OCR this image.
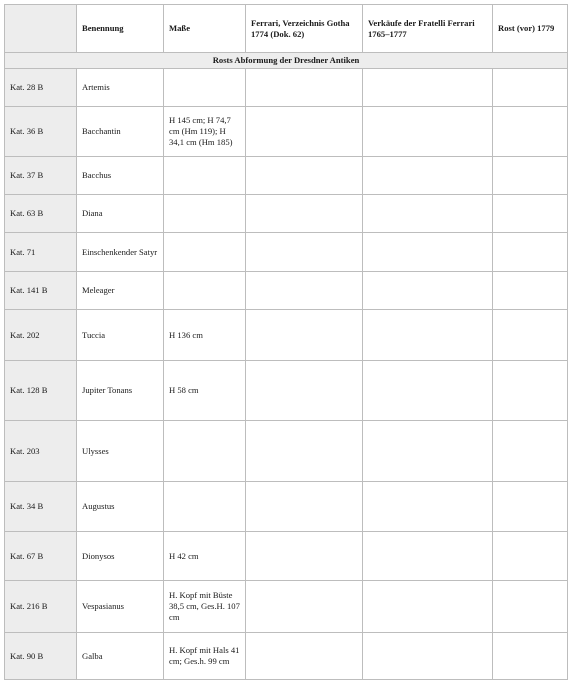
	Benennung	Maße	Ferrari, Verzeichnis Gotha 1774 (Dok. 62)	Verkäufe der Fratelli Ferrari 1765–1777	Rost (vor) 1779
Rosts Abformung der Dresdner Antiken					
Kat. 28 B	Artemis				
Kat. 36 B	Bacchantin	H 145 cm; H 74,7 cm (Hm 119); H 34,1 cm (Hm 185)			
Kat. 37 B	Bacchus				
Kat. 63 B	Diana				
Kat. 71	Einschenkender Satyr				
Kat. 141 B	Meleager				
Kat. 202	Tuccia	H 136 cm			
Kat. 128 B	Jupiter Tonans	H 58 cm			
Kat. 203	Ulysses				
Kat. 34 B	Augustus				
Kat. 67 B	Dionysos	H 42 cm			
Kat. 216 B	Vespasianus	H. Kopf mit Büste 38,5 cm, Ges.H. 107 cm			
Kat. 90 B	Galba	H. Kopf mit Hals 41 cm; Ges.h. 99 cm			
